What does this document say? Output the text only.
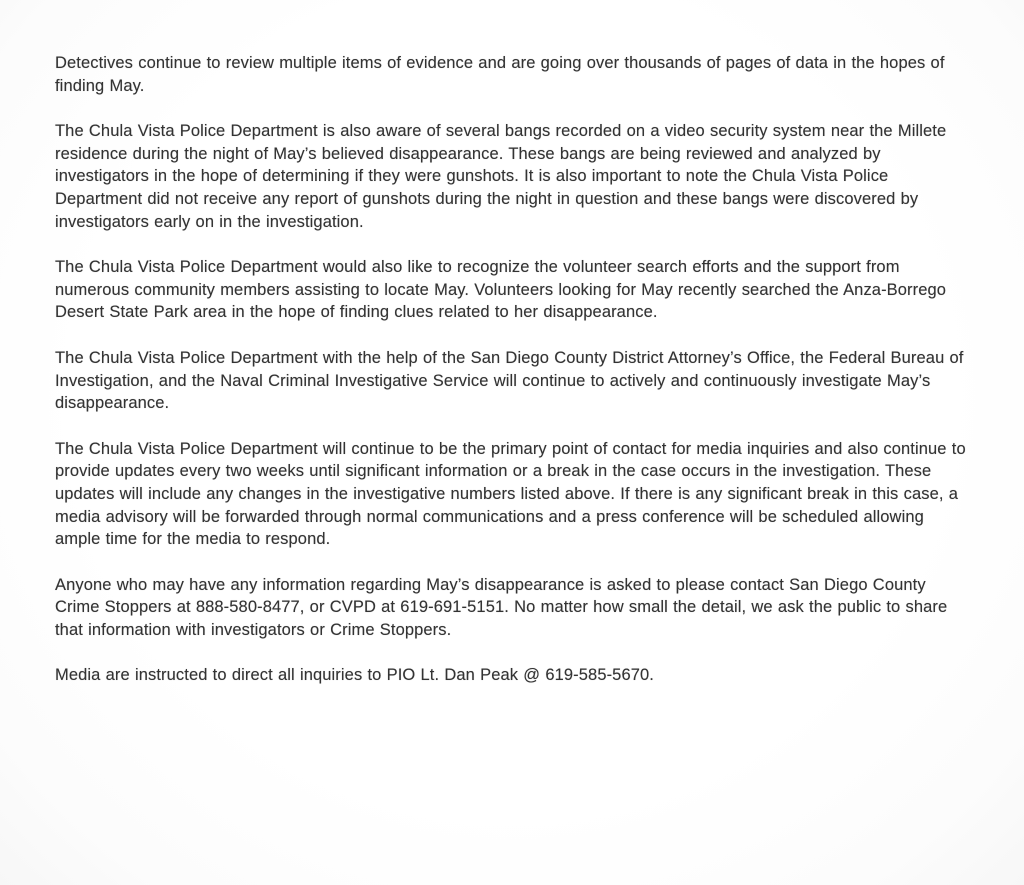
Detectives continue to review multiple items of evidence and are going over thousands of pages of data in the hopes of finding May.

The Chula Vista Police Department is also aware of several bangs recorded on a video security system near the Millete residence during the night of May’s believed disappearance. These bangs are being reviewed and analyzed by investigators in the hope of determining if they were gunshots. It is also important to note the Chula Vista Police Department did not receive any report of gunshots during the night in question and these bangs were discovered by investigators early on in the investigation.

The Chula Vista Police Department would also like to recognize the volunteer search efforts and the support from numerous community members assisting to locate May. Volunteers looking for May recently searched the Anza-Borrego Desert State Park area in the hope of finding clues related to her disappearance.

The Chula Vista Police Department with the help of the San Diego County District Attorney’s Office, the Federal Bureau of Investigation, and the Naval Criminal Investigative Service will continue to actively and continuously investigate May’s disappearance.

The Chula Vista Police Department will continue to be the primary point of contact for media inquiries and also continue to provide updates every two weeks until significant information or a break in the case occurs in the investigation. These updates will include any changes in the investigative numbers listed above. If there is any significant break in this case, a media advisory will be forwarded through normal communications and a press conference will be scheduled allowing ample time for the media to respond.

Anyone who may have any information regarding May’s disappearance is asked to please contact San Diego County Crime Stoppers at 888-580-8477, or CVPD at 619-691-5151. No matter how small the detail, we ask the public to share that information with investigators or Crime Stoppers.

Media are instructed to direct all inquiries to PIO Lt. Dan Peak @ 619-585-5670.
